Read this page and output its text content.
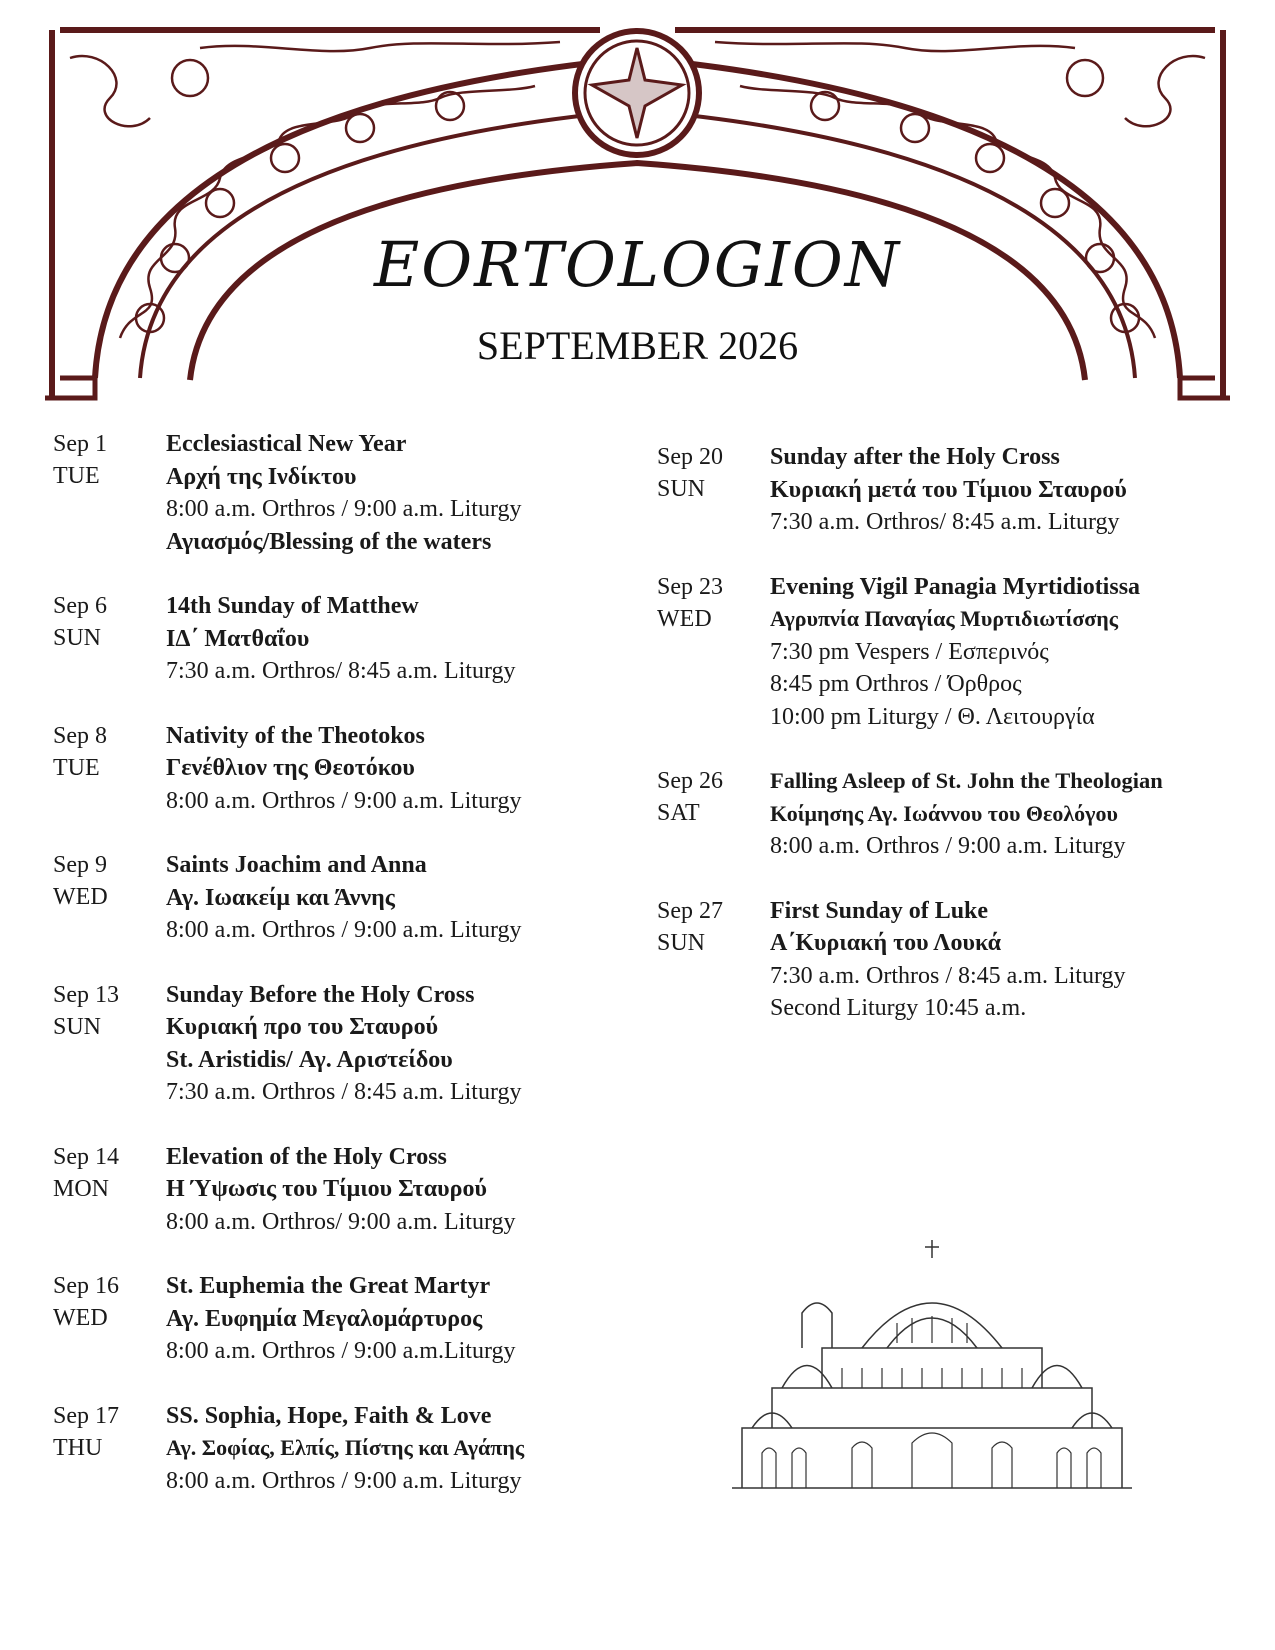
EORTOLOGION
SEPTEMBER 2026
Sep 1
TUE
Ecclesiastical New Year
Αρχή της Ινδίκτου
8:00 a.m. Orthros / 9:00 a.m. Liturgy
Αγιασμός/Blessing of the waters
Sep 6
SUN
14th Sunday of Matthew
ΙΔ΄ Ματθαΐου
7:30 a.m. Orthros/ 8:45 a.m. Liturgy
Sep 8
TUE
Nativity of the Theotokos
Γενέθλιον της Θεοτόκου
8:00 a.m. Orthros / 9:00 a.m. Liturgy
Sep 9
WED
Saints Joachim and Anna
Αγ. Ιωακείμ και Άννης
8:00 a.m. Orthros / 9:00 a.m. Liturgy
Sep 13
SUN
Sunday Before the Holy Cross
Κυριακή προ του Σταυρού
St. Aristidis/ Αγ. Αριστείδου
7:30 a.m. Orthros / 8:45 a.m. Liturgy
Sep 14
MON
Elevation of the Holy Cross
Η Ύψωσις του Τίμιου Σταυρού
8:00 a.m. Orthros/ 9:00 a.m. Liturgy
Sep 16
WED
St. Euphemia the Great Martyr
Αγ. Ευφημία Μεγαλομάρτυρος
8:00 a.m. Orthros / 9:00 a.m.Liturgy
Sep 17
THU
SS. Sophia, Hope, Faith & Love
Αγ. Σοφίας, Ελπίς, Πίστης και Αγάπης
8:00 a.m. Orthros / 9:00 a.m. Liturgy
Sep 20
SUN
Sunday after the Holy Cross
Κυριακή μετά του Τίμιου Σταυρού
7:30 a.m. Orthros/ 8:45 a.m. Liturgy
Sep 23
WED
Evening Vigil Panagia Myrtidiotissa
Αγρυπνία Παναγίας Μυρτιδιωτίσσης
7:30 pm Vespers / Εσπερινός
8:45 pm Orthros / Όρθρος
10:00 pm Liturgy / Θ. Λειτουργία
Sep 26
SAT
Falling Asleep of St. John the Theologian
Κοίμησης Αγ. Ιωάννου του Θεολόγου
8:00 a.m. Orthros / 9:00 a.m. Liturgy
Sep 27
SUN
First Sunday of Luke
Α΄Κυριακή του Λουκά
7:30 a.m. Orthros / 8:45 a.m. Liturgy
Second Liturgy 10:45 a.m.
